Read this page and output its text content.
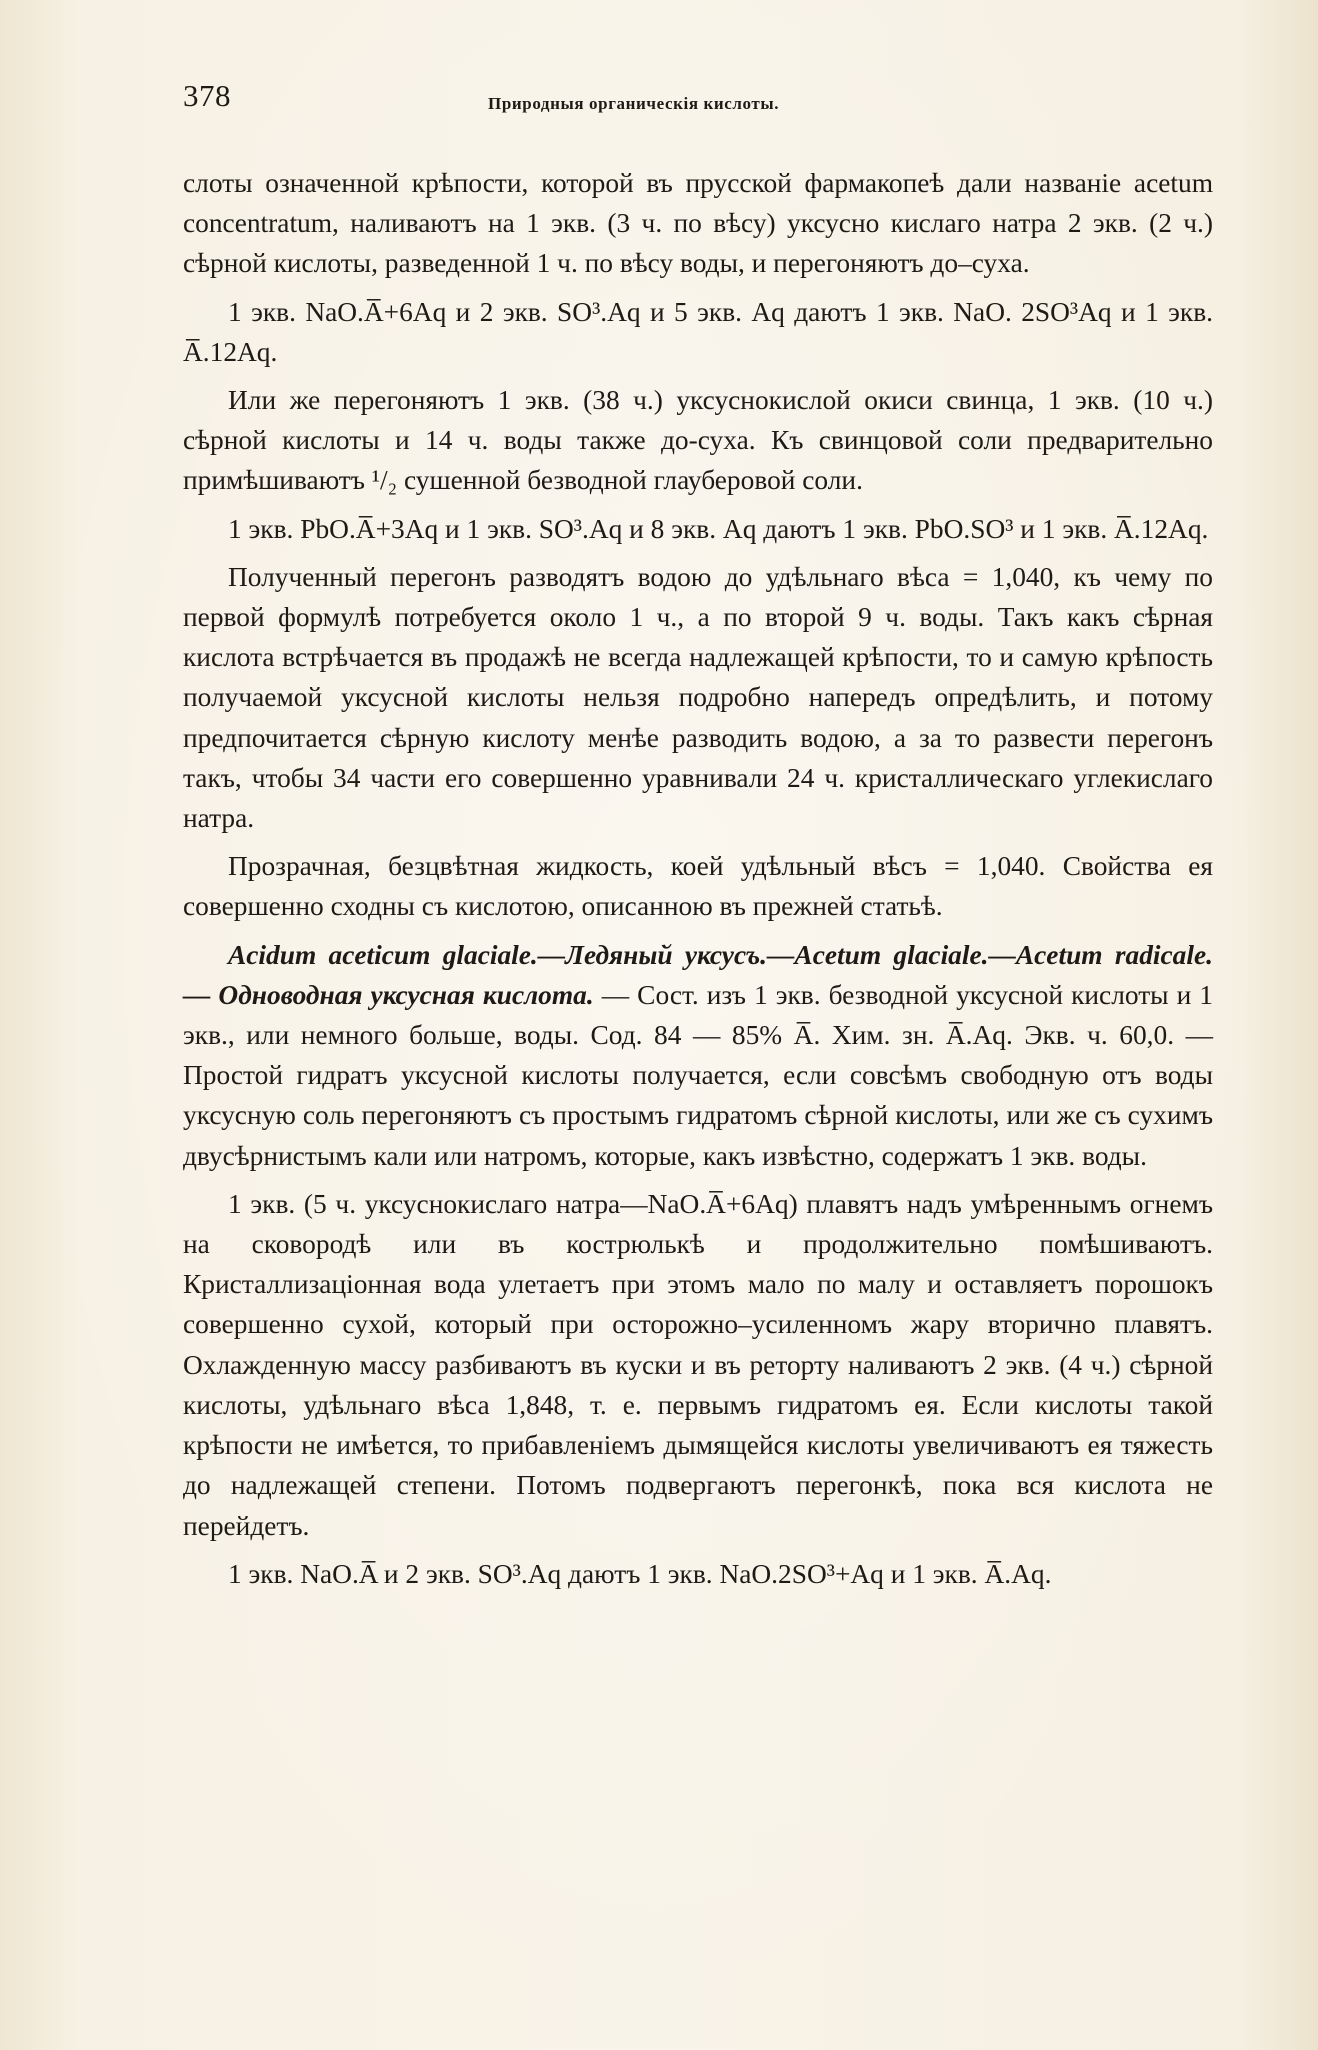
378	Природныя органическія кислоты.

слоты означенной крѣпости, которой въ прусской фармакопеѣ дали названіе acetum concentratum, наливаютъ на 1 экв. (3 ч. по вѣсу) уксусно кислаго натра 2 экв. (2 ч.) сѣрной кислоты, разведенной 1 ч. по вѣсу воды, и перегоняютъ до–суха.

1 экв. NaO.A̅+6Aq и 2 экв. SO³.Aq и 5 экв. Aq даютъ 1 экв. NaO. 2SO³Aq и 1 экв. A̅.12Aq.

Или же перегоняютъ 1 экв. (38 ч.) уксуснокислой окиси свинца, 1 экв. (10 ч.) сѣрной кислоты и 14 ч. воды также до-суха. Къ свинцовой соли предварительно примѣшиваютъ ¹/₂ сушенной безводной глауберовой соли.

1 экв. PbO.A̅+3Aq и 1 экв. SO³.Aq и 8 экв. Aq даютъ 1 экв. PbO.SO³ и 1 экв. A̅.12Aq.

Полученный перегонъ разводятъ водою до удѣльнаго вѣса = 1,040, къ чему по первой формулѣ потребуется около 1 ч., а по второй 9 ч. воды. Такъ какъ сѣрная кислота встрѣчается въ продажѣ не всегда надлежащей крѣпости, то и самую крѣпость получаемой уксусной кислоты нельзя подробно напередъ опредѣлить, и потому предпочитается сѣрную кислоту менѣе разводить водою, а за то развести перегонъ такъ, чтобы 34 части его совершенно уравнивали 24 ч. кристаллическаго углекислаго натра.

Прозрачная, безцвѣтная жидкость, коей удѣльный вѣсъ = 1,040. Свойства ея совершенно сходны съ кислотою, описанною въ прежней статьѣ.

Acidum aceticum glaciale.—Ледяный уксусъ.—Acetum glaciale.—Acetum radicale. — Одноводная уксусная кислота. — Сост. изъ 1 экв. безводной уксусной кислоты и 1 экв., или немного больше, воды. Сод. 84 — 85% A̅. Хим. зн. A̅.Aq. Экв. ч. 60,0. —Простой гидратъ уксусной кислоты получается, если совсѣмъ свободную отъ воды уксусную соль перегоняютъ съ простымъ гидратомъ сѣрной кислоты, или же съ сухимъ двусѣрнистымъ кали или натромъ, которые, какъ извѣстно, содержатъ 1 экв. воды.

1 экв. (5 ч. уксуснокислаго натра—NaO.A̅+6Aq) плавятъ надъ умѣреннымъ огнемъ на сковородѣ или въ кострюлькѣ и продолжительно помѣшиваютъ. Кристаллизаціонная вода улетаетъ при этомъ мало по малу и оставляетъ порошокъ совершенно сухой, который при осторожно–усиленномъ жару вторично плавятъ. Охлажденную массу разбиваютъ въ куски и въ реторту наливаютъ 2 экв. (4 ч.) сѣрной кислоты, удѣльнаго вѣса 1,848, т. е. первымъ гидратомъ ея. Если кислоты такой крѣпости не имѣется, то прибавленіемъ дымящейся кислоты увеличиваютъ ея тяжесть до надлежащей степени. Потомъ подвергаютъ перегонкѣ, пока вся кислота не перейдетъ.

1 экв. NaO.A̅ и 2 экв. SO³.Aq даютъ 1 экв. NaO.2SO³+Aq и 1 экв. A̅.Aq.
